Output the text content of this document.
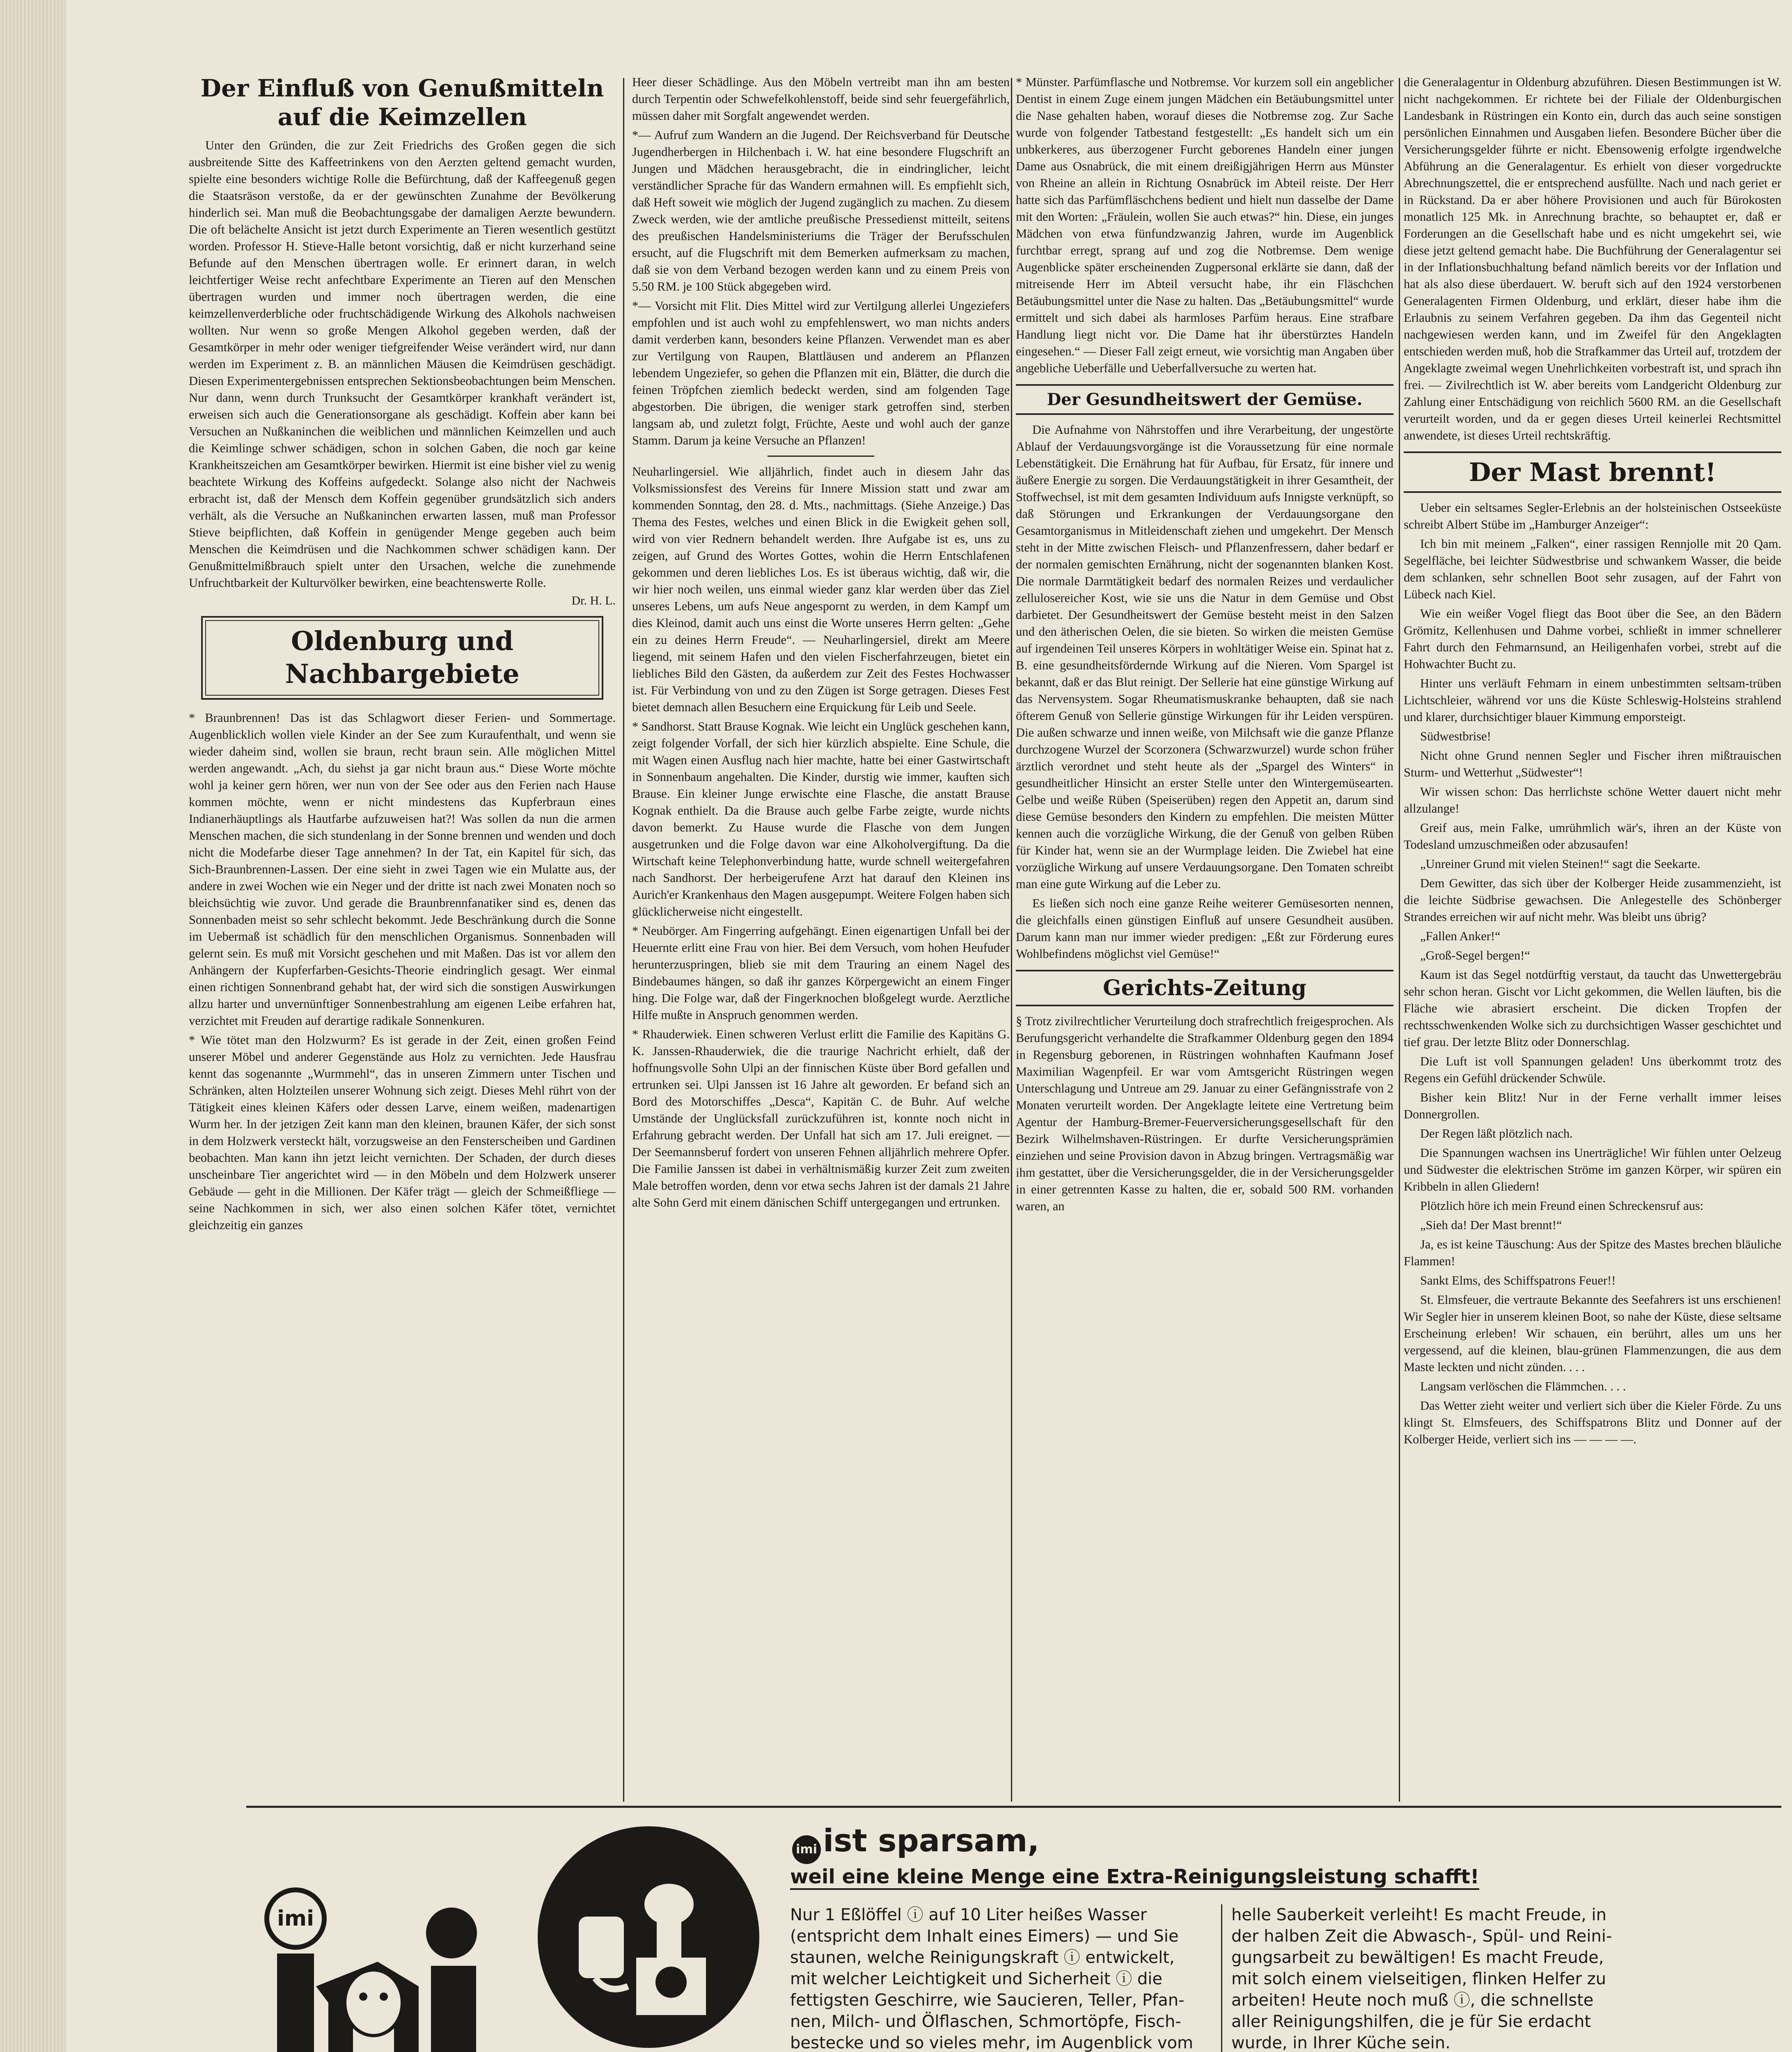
Der Einfluß von Genußmitteln auf die Keimzellen

Unter den Gründen, die zur Zeit Friedrichs des Großen gegen die sich ausbreitende Sitte des Kaffeetrinkens von den Aerzten geltend gemacht wurden, spielte eine besonders wichtige Rolle die Befürchtung, daß der Kaffeegenuß gegen die Staatsräson verstoße, da er der gewünschten Zunahme der Bevölkerung hinderlich sei. Man muß die Beobachtungsgabe der damaligen Aerzte bewundern. Die oft belächelte Ansicht ist jetzt durch Experimente an Tieren wesentlich gestützt worden. Professor H. Stieve-Halle betont vorsichtig, daß er nicht kurzerhand seine Befunde auf den Menschen übertragen wolle. Er erinnert daran, in welch leichtfertiger Weise recht anfechtbare Experimente an Tieren auf den Menschen übertragen wurden und immer noch übertragen werden, die eine keimzellenverderbliche oder fruchtschädigende Wirkung des Alkohols nachweisen wollten. Nur wenn so große Mengen Alkohol gegeben werden, daß der Gesamtkörper in mehr oder weniger tiefgreifender Weise verändert wird, nur dann werden im Experiment z. B. an männlichen Mäusen die Keimdrüsen geschädigt. Diesen Experimentergebnissen entsprechen Sektionsbeobachtungen beim Menschen. Nur dann, wenn durch Trunksucht der Gesamtkörper krankhaft verändert ist, erweisen sich auch die Generationsorgane als geschädigt. Koffein aber kann bei Versuchen an Nußkaninchen die weiblichen und männlichen Keimzellen und auch die Keimlinge schwer schädigen, schon in solchen Gaben, die noch gar keine Krankheitszeichen am Gesamtkörper bewirken. Hiermit ist eine bisher viel zu wenig beachtete Wirkung des Koffeins aufgedeckt. Solange also nicht der Nachweis erbracht ist, daß der Mensch dem Koffein gegenüber grundsätzlich sich anders verhält, als die Versuche an Nußkaninchen erwarten lassen, muß man Professor Stieve beipflichten, daß Koffein in genügender Menge gegeben auch beim Menschen die Keimdrüsen und die Nachkommen schwer schädigen kann. Der Genußmittelmißbrauch spielt unter den Ursachen, welche die zunehmende Unfruchtbarkeit der Kulturvölker bewirken, eine beachtenswerte Rolle.

Dr. H. L.

Oldenburg und Nachbargebiete

* Braunbrennen! Das ist das Schlagwort dieser Ferien- und Sommertage. Augenblicklich wollen viele Kinder an der See zum Kuraufenthalt, und wenn sie wieder daheim sind, wollen sie braun, recht braun sein. Alle möglichen Mittel werden angewandt. „Ach, du siehst ja gar nicht braun aus.“ Diese Worte möchte wohl ja keiner gern hören, wer nun von der See oder aus den Ferien nach Hause kommen möchte, wenn er nicht mindestens das Kupferbraun eines Indianerhäuptlings als Hautfarbe aufzuweisen hat?! Was sollen da nun die armen Menschen machen, die sich stundenlang in der Sonne brennen und wenden und doch nicht die Modefarbe dieser Tage annehmen? In der Tat, ein Kapitel für sich, das Sich-Braunbrennen-Lassen. Der eine sieht in zwei Tagen wie ein Mulatte aus, der andere in zwei Wochen wie ein Neger und der dritte ist nach zwei Monaten noch so bleichsüchtig wie zuvor. Und gerade die Braunbrennfanatiker sind es, denen das Sonnenbaden meist so sehr schlecht bekommt. Jede Beschränkung durch die Sonne im Uebermaß ist schädlich für den menschlichen Organismus. Sonnenbaden will gelernt sein. Es muß mit Vorsicht geschehen und mit Maßen. Das ist vor allem den Anhängern der Kupferfarben-Gesichts-Theorie eindringlich gesagt. Wer einmal einen richtigen Sonnenbrand gehabt hat, der wird sich die sonstigen Auswirkungen allzu harter und unvernünftiger Sonnenbestrahlung am eigenen Leibe erfahren hat, verzichtet mit Freuden auf derartige radikale Sonnenkuren.

* Wie tötet man den Holzwurm? Es ist gerade in der Zeit, einen großen Feind unserer Möbel und anderer Gegenstände aus Holz zu vernichten. Jede Hausfrau kennt das sogenannte „Wurmmehl“, das in unseren Zimmern unter Tischen und Schränken, alten Holzteilen unserer Wohnung sich zeigt. Dieses Mehl rührt von der Tätigkeit eines kleinen Käfers oder dessen Larve, einem weißen, madenartigen Wurm her. In der jetzigen Zeit kann man den kleinen, braunen Käfer, der sich sonst in dem Holzwerk versteckt hält, vorzugsweise an den Fensterscheiben und Gardinen beobachten. Man kann ihn jetzt leicht vernichten. Der Schaden, der durch dieses unscheinbare Tier angerichtet wird — in den Möbeln und dem Holzwerk unserer Gebäude — geht in die Millionen. Der Käfer trägt — gleich der Schmeißfliege — seine Nachkommen in sich, wer also einen solchen Käfer tötet, vernichtet gleichzeitig ein ganzes

Heer dieser Schädlinge. Aus den Möbeln vertreibt man ihn am besten durch Terpentin oder Schwefelkohlenstoff, beide sind sehr feuergefährlich, müssen daher mit Sorgfalt angewendet werden.

*— Aufruf zum Wandern an die Jugend. Der Reichsverband für Deutsche Jugendherbergen in Hilchenbach i. W. hat eine besondere Flugschrift an Jungen und Mädchen herausgebracht, die in eindringlicher, leicht verständlicher Sprache für das Wandern ermahnen will. Es empfiehlt sich, daß Heft soweit wie möglich der Jugend zugänglich zu machen. Zu diesem Zweck werden, wie der amtliche preußische Pressedienst mitteilt, seitens des preußischen Handelsministeriums die Träger der Berufsschulen ersucht, auf die Flugschrift mit dem Bemerken aufmerksam zu machen, daß sie von dem Verband bezogen werden kann und zu einem Preis von 5.50 RM. je 100 Stück abgegeben wird.

*— Vorsicht mit Flit. Dies Mittel wird zur Vertilgung allerlei Ungeziefers empfohlen und ist auch wohl zu empfehlenswert, wo man nichts anders damit verderben kann, besonders keine Pflanzen. Verwendet man es aber zur Vertilgung von Raupen, Blattläusen und anderem an Pflanzen lebendem Ungeziefer, so gehen die Pflanzen mit ein, Blätter, die durch die feinen Tröpfchen ziemlich bedeckt werden, sind am folgenden Tage abgestorben. Die übrigen, die weniger stark getroffen sind, sterben langsam ab, und zuletzt folgt, Früchte, Aeste und wohl auch der ganze Stamm. Darum ja keine Versuche an Pflanzen!

Neuharlingersiel. Wie alljährlich, findet auch in diesem Jahr das Volksmissionsfest des Vereins für Innere Mission statt und zwar am kommenden Sonntag, den 28. d. Mts., nachmittags. (Siehe Anzeige.) Das Thema des Festes, welches und einen Blick in die Ewigkeit gehen soll, wird von vier Rednern behandelt werden. Ihre Aufgabe ist es, uns zu zeigen, auf Grund des Wortes Gottes, wohin die Herrn Entschlafenen gekommen und deren liebliches Los. Es ist überaus wichtig, daß wir, die wir hier noch weilen, uns einmal wieder ganz klar werden über das Ziel unseres Lebens, um aufs Neue angespornt zu werden, in dem Kampf um dies Kleinod, damit auch uns einst die Worte unseres Herrn gelten: „Gehe ein zu deines Herrn Freude“. — Neuharlingersiel, direkt am Meere liegend, mit seinem Hafen und den vielen Fischerfahrzeugen, bietet ein liebliches Bild den Gästen, da außerdem zur Zeit des Festes Hochwasser ist. Für Verbindung von und zu den Zügen ist Sorge getragen. Dieses Fest bietet demnach allen Besuchern eine Erquickung für Leib und Seele.

* Sandhorst. Statt Brause Kognak. Wie leicht ein Unglück geschehen kann, zeigt folgender Vorfall, der sich hier kürzlich abspielte. Eine Schule, die mit Wagen einen Ausflug nach hier machte, hatte bei einer Gastwirtschaft in Sonnenbaum angehalten. Die Kinder, durstig wie immer, kauften sich Brause. Ein kleiner Junge erwischte eine Flasche, die anstatt Brause Kognak enthielt. Da die Brause auch gelbe Farbe zeigte, wurde nichts davon bemerkt. Zu Hause wurde die Flasche von dem Jungen ausgetrunken und die Folge davon war eine Alkoholvergiftung. Da die Wirtschaft keine Telephonverbindung hatte, wurde schnell weitergefahren nach Sandhorst. Der herbeigerufene Arzt hat darauf den Kleinen ins Aurich'er Krankenhaus den Magen ausgepumpt. Weitere Folgen haben sich glücklicherweise nicht eingestellt.

* Neubörger. Am Fingerring aufgehängt. Einen eigenartigen Unfall bei der Heuernte erlitt eine Frau von hier. Bei dem Versuch, vom hohen Heufuder herunterzuspringen, blieb sie mit dem Trauring an einem Nagel des Bindebaumes hängen, so daß ihr ganzes Körpergewicht an einem Finger hing. Die Folge war, daß der Fingerknochen bloßgelegt wurde. Aerztliche Hilfe mußte in Anspruch genommen werden.

* Rhauderwiek. Einen schweren Verlust erlitt die Familie des Kapitäns G. K. Janssen-Rhauderwiek, die die traurige Nachricht erhielt, daß der hoffnungsvolle Sohn Ulpi an der finnischen Küste über Bord gefallen und ertrunken sei. Ulpi Janssen ist 16 Jahre alt geworden. Er befand sich an Bord des Motorschiffes „Desca“, Kapitän C. de Buhr. Auf welche Umstände der Unglücksfall zurückzuführen ist, konnte noch nicht in Erfahrung gebracht werden. Der Unfall hat sich am 17. Juli ereignet. — Der Seemannsberuf fordert von unseren Fehnen alljährlich mehrere Opfer. Die Familie Janssen ist dabei in verhältnismäßig kurzer Zeit zum zweiten Male betroffen worden, denn vor etwa sechs Jahren ist der damals 21 Jahre alte Sohn Gerd mit einem dänischen Schiff untergegangen und ertrunken.

* Münster. Parfümflasche und Notbremse. Vor kurzem soll ein angeblicher Dentist in einem Zuge einem jungen Mädchen ein Betäubungsmittel unter die Nase gehalten haben, worauf dieses die Notbremse zog. Zur Sache wurde von folgender Tatbestand festgestellt: „Es handelt sich um ein unbkerkeres, aus überzogener Furcht geborenes Handeln einer jungen Dame aus Osnabrück, die mit einem dreißigjährigen Herrn aus Münster von Rheine an allein in Richtung Osnabrück im Abteil reiste. Der Herr hatte sich das Parfümfläschchens bedient und hielt nun dasselbe der Dame mit den Worten: „Fräulein, wollen Sie auch etwas?“ hin. Diese, ein junges Mädchen von etwa fünfundzwanzig Jahren, wurde im Augenblick furchtbar erregt, sprang auf und zog die Notbremse. Dem wenige Augenblicke später erscheinenden Zugpersonal erklärte sie dann, daß der mitreisende Herr im Abteil versucht habe, ihr ein Fläschchen Betäubungsmittel unter die Nase zu halten. Das „Betäubungsmittel“ wurde ermittelt und sich dabei als harmloses Parfüm heraus. Eine strafbare Handlung liegt nicht vor. Die Dame hat ihr überstürztes Handeln eingesehen.“ — Dieser Fall zeigt erneut, wie vorsichtig man Angaben über angebliche Ueberfälle und Ueberfallversuche zu werten hat.

Der Gesundheitswert der Gemüse.

Die Aufnahme von Nährstoffen und ihre Verarbeitung, der ungestörte Ablauf der Verdauungsvorgänge ist die Voraussetzung für eine normale Lebenstätigkeit. Die Ernährung hat für Aufbau, für Ersatz, für innere und äußere Energie zu sorgen. Die Verdauungstätigkeit in ihrer Gesamtheit, der Stoffwechsel, ist mit dem gesamten Individuum aufs Innigste verknüpft, so daß Störungen und Erkrankungen der Verdauungsorgane den Gesamtorganismus in Mitleidenschaft ziehen und umgekehrt. Der Mensch steht in der Mitte zwischen Fleisch- und Pflanzenfressern, daher bedarf er der normalen gemischten Ernährung, nicht der sogenannten blanken Kost. Die normale Darmtätigkeit bedarf des normalen Reizes und verdaulicher zellulosereicher Kost, wie sie uns die Natur in dem Gemüse und Obst darbietet. Der Gesundheitswert der Gemüse besteht meist in den Salzen und den ätherischen Oelen, die sie bieten. So wirken die meisten Gemüse auf irgendeinen Teil unseres Körpers in wohltätiger Weise ein. Spinat hat z. B. eine gesundheitsfördernde Wirkung auf die Nieren. Vom Spargel ist bekannt, daß er das Blut reinigt. Der Sellerie hat eine günstige Wirkung auf das Nervensystem. Sogar Rheumatismuskranke behaupten, daß sie nach öfterem Genuß von Sellerie günstige Wirkungen für ihr Leiden verspüren. Die außen schwarze und innen weiße, von Milchsaft wie die ganze Pflanze durchzogene Wurzel der Scorzonera (Schwarzwurzel) wurde schon früher ärztlich verordnet und steht heute als der „Spargel des Winters“ in gesundheitlicher Hinsicht an erster Stelle unter den Wintergemüsearten. Gelbe und weiße Rüben (Speiserüben) regen den Appetit an, darum sind diese Gemüse besonders den Kindern zu empfehlen. Die meisten Mütter kennen auch die vorzügliche Wirkung, die der Genuß von gelben Rüben für Kinder hat, wenn sie an der Wurmplage leiden. Die Zwiebel hat eine vorzügliche Wirkung auf unsere Verdauungsorgane. Den Tomaten schreibt man eine gute Wirkung auf die Leber zu.

Es ließen sich noch eine ganze Reihe weiterer Gemüsesorten nennen, die gleichfalls einen günstigen Einfluß auf unsere Gesundheit ausüben. Darum kann man nur immer wieder predigen: „Eßt zur Förderung eures Wohlbefindens möglichst viel Gemüse!“

Gerichts-Zeitung

§ Trotz zivilrechtlicher Verurteilung doch strafrechtlich freigesprochen. Als Berufungsgericht verhandelte die Strafkammer Oldenburg gegen den 1894 in Regensburg geborenen, in Rüstringen wohnhaften Kaufmann Josef Maximilian Wagenpfeil. Er war vom Amtsgericht Rüstringen wegen Unterschlagung und Untreue am 29. Januar zu einer Gefängnisstrafe von 2 Monaten verurteilt worden. Der Angeklagte leitete eine Vertretung beim Agentur der Hamburg-Bremer-Feuerversicherungsgesellschaft für den Bezirk Wilhelmshaven-Rüstringen. Er durfte Versicherungsprämien einziehen und seine Provision davon in Abzug bringen. Vertragsmäßig war ihm gestattet, über die Versicherungsgelder, die in der Versicherungsgelder in einer getrennten Kasse zu halten, die er, sobald 500 RM. vorhanden waren, an

die Generalagentur in Oldenburg abzuführen. Diesen Bestimmungen ist W. nicht nachgekommen. Er richtete bei der Filiale der Oldenburgischen Landesbank in Rüstringen ein Konto ein, durch das auch seine sonstigen persönlichen Einnahmen und Ausgaben liefen. Besondere Bücher über die Versicherungsgelder führte er nicht. Ebensowenig erfolgte irgendwelche Abführung an die Generalagentur. Es erhielt von dieser vorgedruckte Abrechnungszettel, die er entsprechend ausfüllte. Nach und nach geriet er in Rückstand. Da er aber höhere Provisionen und auch für Bürokosten monatlich 125 Mk. in Anrechnung brachte, so behauptet er, daß er Forderungen an die Gesellschaft habe und es nicht umgekehrt sei, wie diese jetzt geltend gemacht habe. Die Buchführung der Generalagentur sei in der Inflationsbuchhaltung befand nämlich bereits vor der Inflation und hat als also diese überdauert. W. beruft sich auf den 1924 verstorbenen Generalagenten Firmen Oldenburg, und erklärt, dieser habe ihm die Erlaubnis zu seinem Verfahren gegeben. Da ihm das Gegenteil nicht nachgewiesen werden kann, und im Zweifel für den Angeklagten entschieden werden muß, hob die Strafkammer das Urteil auf, trotzdem der Angeklagte zweimal wegen Unehrlichkeiten vorbestraft ist, und sprach ihn frei. — Zivilrechtlich ist W. aber bereits vom Landgericht Oldenburg zur Zahlung einer Entschädigung von reichlich 5600 RM. an die Gesellschaft verurteilt worden, und da er gegen dieses Urteil keinerlei Rechtsmittel anwendete, ist dieses Urteil rechtskräftig.

Der Mast brennt!

Ueber ein seltsames Segler-Erlebnis an der holsteinischen Ostseeküste schreibt Albert Stübe im „Hamburger Anzeiger“:

Ich bin mit meinem „Falken“, einer rassigen Rennjolle mit 20 Qam. Segelfläche, bei leichter Südwestbrise und schwankem Wasser, die beide dem schlanken, sehr schnellen Boot sehr zusagen, auf der Fahrt von Lübeck nach Kiel.

Wie ein weißer Vogel fliegt das Boot über die See, an den Bädern Grömitz, Kellenhusen und Dahme vorbei, schließt in immer schnellerer Fahrt durch den Fehmarnsund, an Heiligenhafen vorbei, strebt auf die Hohwachter Bucht zu.

Hinter uns verläuft Fehmarn in einem unbestimmten seltsam-trüben Lichtschleier, während vor uns die Küste Schleswig-Holsteins strahlend und klarer, durchsichtiger blauer Kimmung emporsteigt.

Südwestbrise!

Nicht ohne Grund nennen Segler und Fischer ihren mißtrauischen Sturm- und Wetterhut „Südwester“!

Wir wissen schon: Das herrlichste schöne Wetter dauert nicht mehr allzulange!

Greif aus, mein Falke, umrühmlich wär's, ihren an der Küste von Todesland umzuschmeißen oder abzusaufen!

„Unreiner Grund mit vielen Steinen!“ sagt die Seekarte.

Dem Gewitter, das sich über der Kolberger Heide zusammenzieht, ist die leichte Südbrise gewachsen. Die Anlegestelle des Schönberger Strandes erreichen wir auf nicht mehr. Was bleibt uns übrig?

„Fallen Anker!“

„Groß-Segel bergen!“

Kaum ist das Segel notdürftig verstaut, da taucht das Unwettergebräu sehr schon heran. Gischt vor Licht gekommen, die Wellen läuften, bis die Fläche wie abrasiert erscheint. Die dicken Tropfen der rechtsschwenkenden Wolke sich zu durchsichtigen Wasser geschichtet und tief grau. Der letzte Blitz oder Donnerschlag.

Die Luft ist voll Spannungen geladen! Uns überkommt trotz des Regens ein Gefühl drückender Schwüle.

Bisher kein Blitz! Nur in der Ferne verhallt immer leises Donnergrollen.

Der Regen läßt plötzlich nach.

Die Spannungen wachsen ins Unerträgliche! Wir fühlen unter Oelzeug und Südwester die elektrischen Ströme im ganzen Körper, wir spüren ein Kribbeln in allen Gliedern!

Plötzlich höre ich mein Freund einen Schreckensruf aus:

„Sieh da! Der Mast brennt!“

Ja, es ist keine Täuschung: Aus der Spitze des Mastes brechen bläuliche Flammen!

Sankt Elms, des Schiffspatrons Feuer!!

St. Elmsfeuer, die vertraute Bekannte des Seefahrers ist uns erschienen! Wir Segler hier in unserem kleinen Boot, so nahe der Küste, diese seltsame Erscheinung erleben! Wir schauen, ein berührt, alles um uns her vergessend, auf die kleinen, blau-grünen Flammenzungen, die aus dem Maste leckten und nicht zünden. . . .

Langsam verlöschen die Flämmchen. . . .

Das Wetter zieht weiter und verliert sich über die Kieler Förde. Zu uns klingt St. Elmsfeuers, des Schiffspatrons Blitz und Donner auf der Kolberger Heide, verliert sich ins — — — —.

imi
imi ist sparsam,
weil eine kleine Menge eine Extra-Reinigungsleistung schafft!
Nur 1 Eßlöffel ⓘ auf 10 Liter heißes Wasser
(entspricht dem Inhalt eines Eimers) — und Sie
staunen, welche Reinigungskraft ⓘ entwickelt,
mit welcher Leichtigkeit und Sicherheit ⓘ die
fettigsten Geschirre, wie Saucieren, Teller, Pfan-
nen, Milch- und Ölflaschen, Schmortöpfe, Fisch-
bestecke und so vieles mehr, im Augenblick vom
helle Sauberkeit verleiht! Es macht Freude, in
der halben Zeit die Abwasch-, Spül- und Reini-
gungsarbeit zu bewältigen! Es macht Freude,
mit solch einem vielseitigen, flinken Helfer zu
arbeiten! Heute noch muß ⓘ, die schnellste
aller Reinigungshilfen, die je für Sie erdacht
wurde, in Ihrer Küche sein.
